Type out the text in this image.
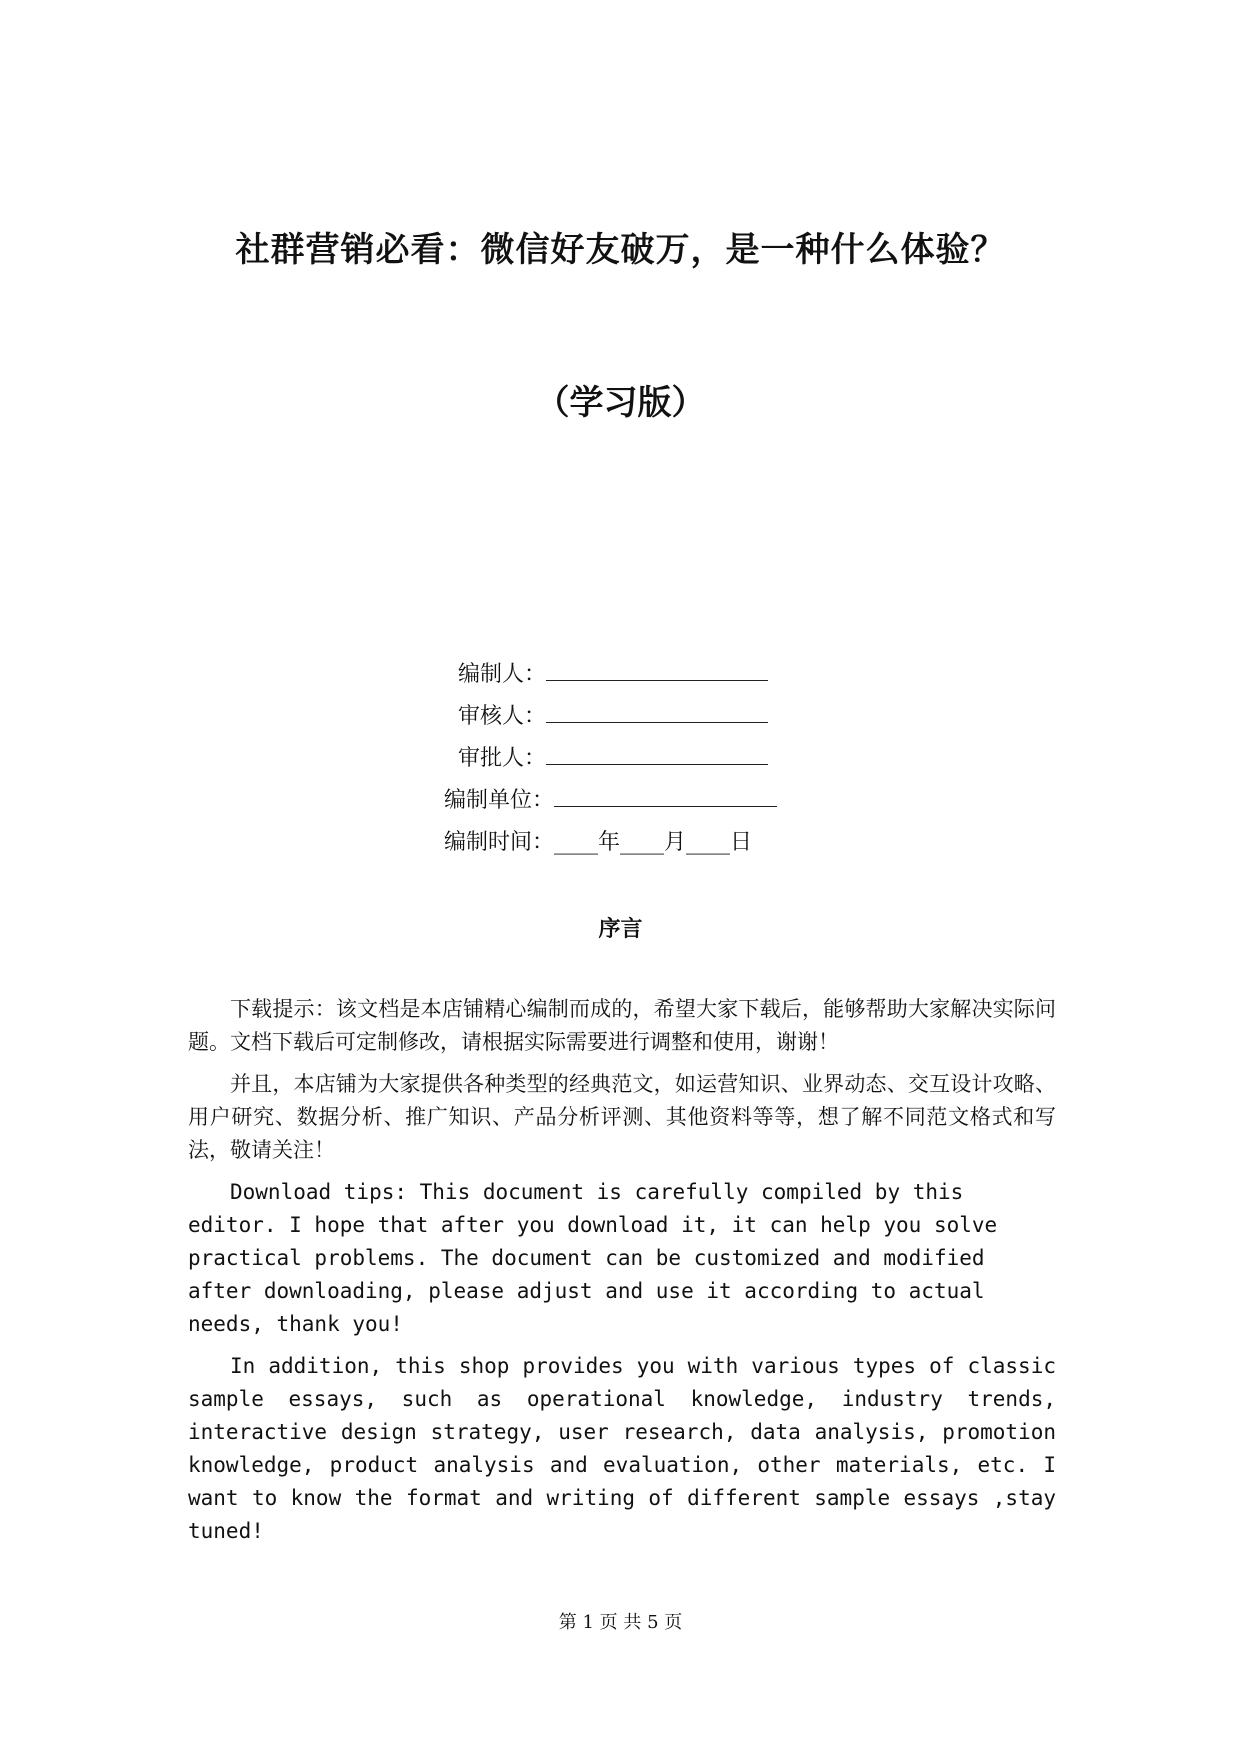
社群营销必看：微信好友破万，是一种什么体验？
（学习版）
编制人：
审核人：
审批人：
编制单位：
编制时间：____年____月____日
序言

下载提示：该文档是本店铺精心编制而成的，希望大家下载后，能够帮助大家解决实际问题。文档下载后可定制修改，请根据实际需要进行调整和使用，谢谢！

并且，本店铺为大家提供各种类型的经典范文，如运营知识、业界动态、交互设计攻略、用户研究、数据分析、推广知识、产品分析评测、其他资料等等，想了解不同范文格式和写法，敬请关注！

Download tips: This document is carefully compiled by this editor. I hope that after you download it, it can help you solve practical problems. The document can be customized and modified after downloading, please adjust and use it according to actual needs, thank you!

In addition, this shop provides you with various types of classic sample essays, such as operational knowledge, industry trends, interactive design strategy, user research, data analysis, promotion knowledge, product analysis and evaluation, other materials, etc. I want to know the format and writing of different sample essays ,stay tuned!

第 1 页 共 5 页
